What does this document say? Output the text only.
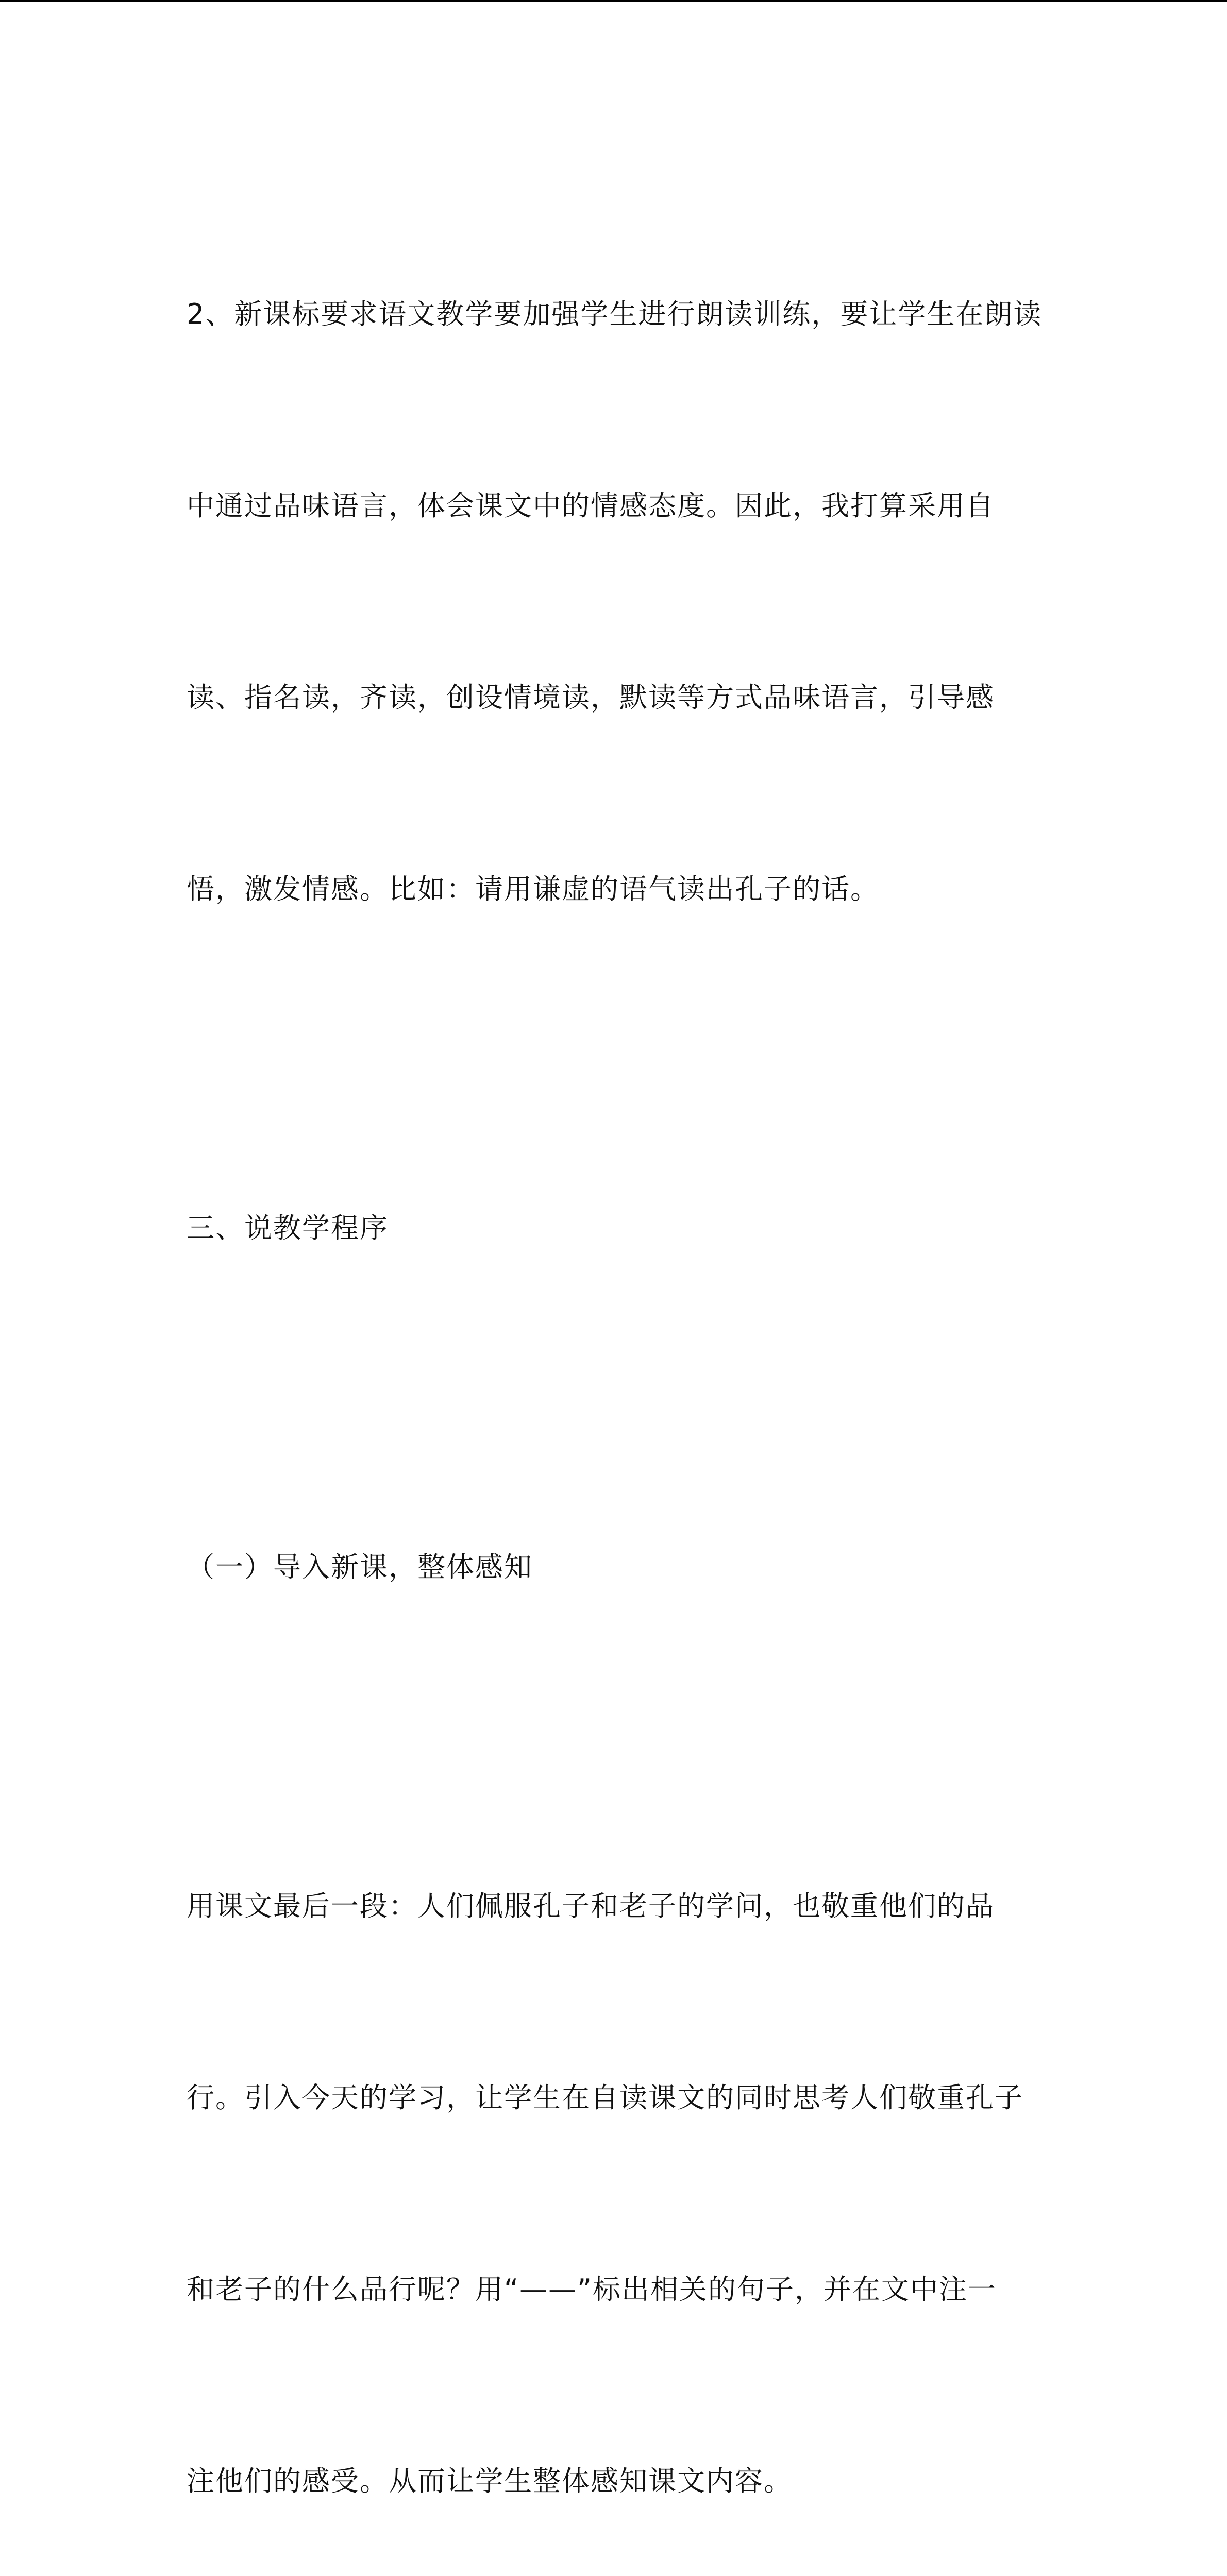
2、新课标要求语文教学要加强学生进行朗读训练，要让学生在朗读

中通过品味语言，体会课文中的情感态度。因此，我打算采用自

读、指名读，齐读，创设情境读，默读等方式品味语言，引导感

悟，激发情感。比如：请用谦虚的语气读出孔子的话。

三、说教学程序

（一）导入新课，整体感知

用课文最后一段：人们佩服孔子和老子的学问，也敬重他们的品

行。引入今天的学习，让学生在自读课文的同时思考人们敬重孔子

和老子的什么品行呢？用“——”标出相关的句子，并在文中注一

注他们的感受。从而让学生整体感知课文内容。
